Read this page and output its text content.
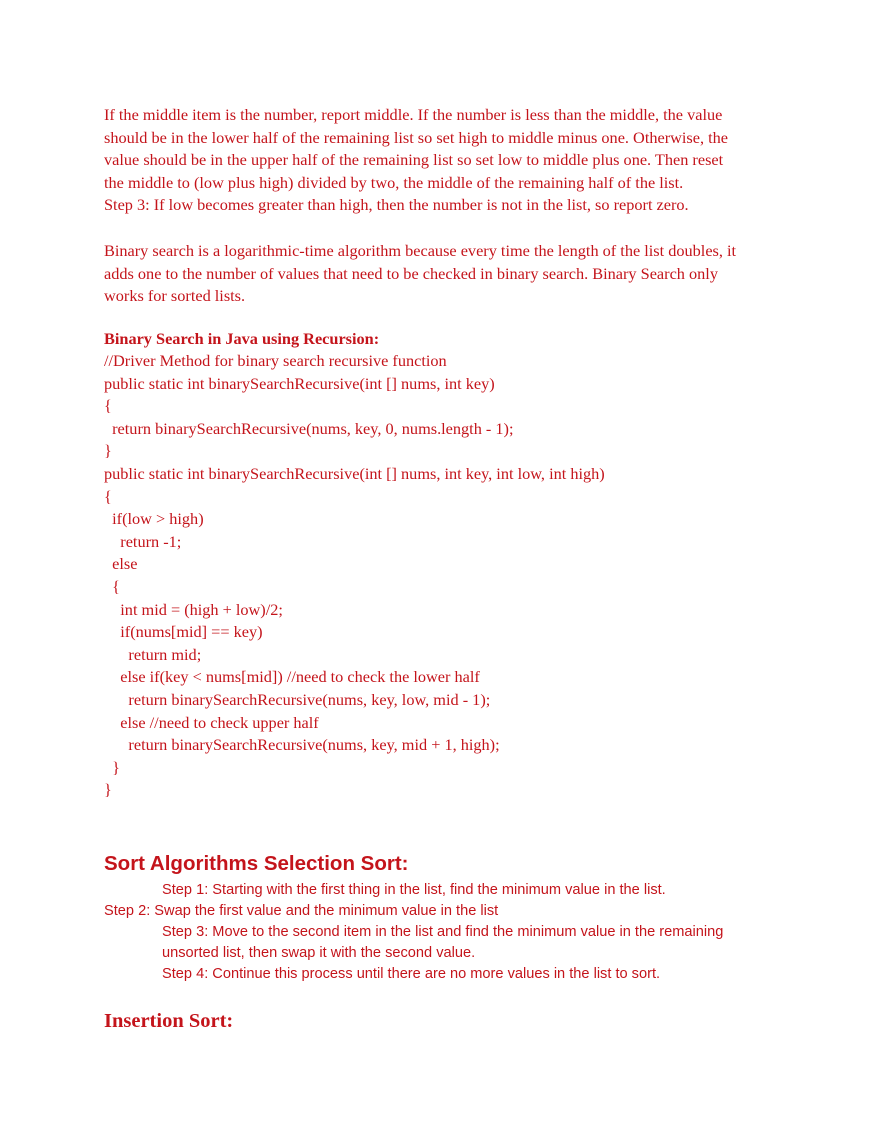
If the middle item is the number, report middle. If the number is less than the middle, the value
should be in the lower half of the remaining list so set high to middle minus one. Otherwise, the
value should be in the upper half of the remaining list so set low to middle plus one. Then reset
the middle to (low plus high) divided by two, the middle of the remaining half of the list.
Step 3: If low becomes greater than high, then the number is not in the list, so report zero.

Binary search is a logarithmic-time algorithm because every time the length of the list doubles, it
adds one to the number of values that need to be checked in binary search. Binary Search only
works for sorted lists.

Binary Search in Java using Recursion:
//Driver Method for binary search recursive function
public static int binarySearchRecursive(int [] nums, int key)
{
return binarySearchRecursive(nums, key, 0, nums.length - 1);
}
public static int binarySearchRecursive(int [] nums, int key, int low, int high)
{
if(low > high)
return -1;
else
{
int mid = (high + low)/2;
if(nums[mid] == key)
return mid;
else if(key < nums[mid]) //need to check the lower half
return binarySearchRecursive(nums, key, low, mid - 1);
else //need to check upper half
return binarySearchRecursive(nums, key, mid + 1, high);
}
}
Sort Algorithms Selection Sort:
Step 1: Starting with the first thing in the list, find the minimum value in the list.
Step 2: Swap the first value and the minimum value in the list
Step 3: Move to the second item in the list and find the minimum value in the remaining
unsorted list, then swap it with the second value.
Step 4: Continue this process until there are no more values in the list to sort.
Insertion Sort:
